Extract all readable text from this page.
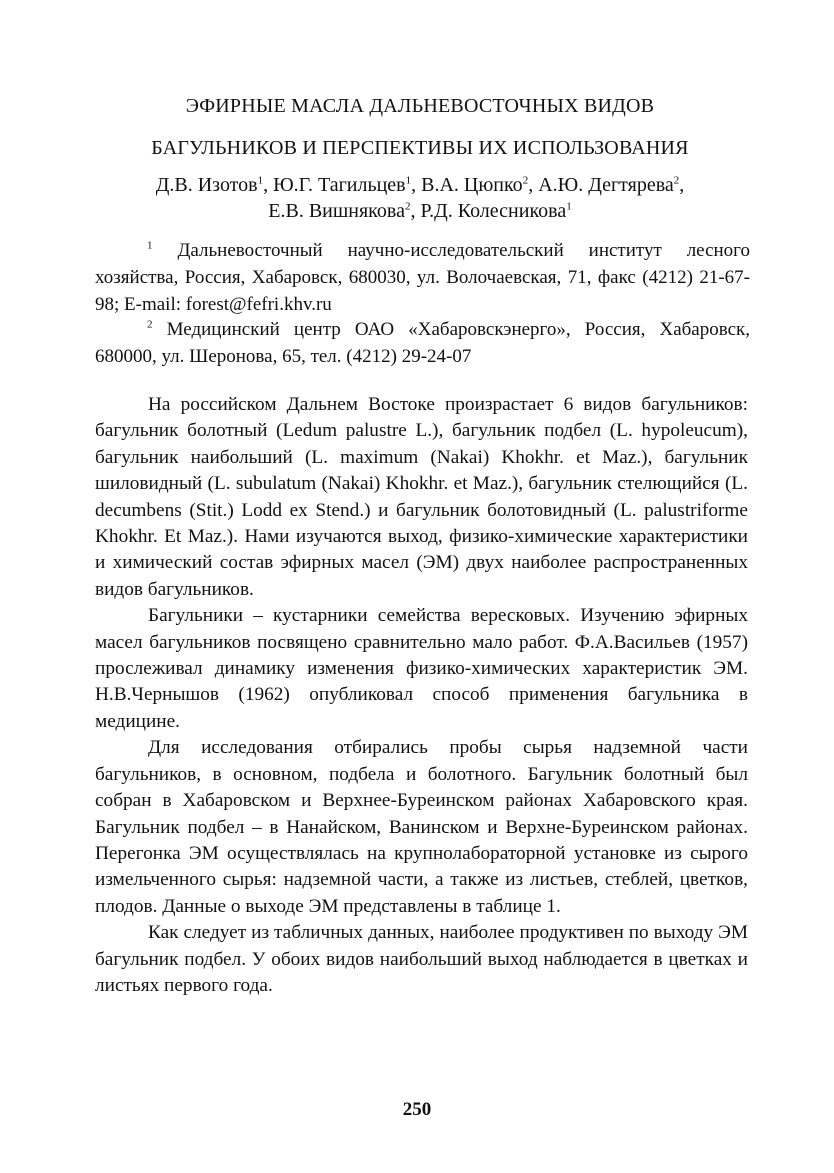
ЭФИРНЫЕ МАСЛА ДАЛЬНЕВОСТОЧНЫХ ВИДОВ
БАГУЛЬНИКОВ И ПЕРСПЕКТИВЫ ИХ ИСПОЛЬЗОВАНИЯ
Д.В. Изотов$^1$, Ю.Г. Тагильцев$^1$, В.А. Цюпко$^2$, А.Ю. Дегтярева$^2$,
Е.В. Вишнякова$^2$, Р.Д. Колесникова$^1$
$^1$ Дальневосточный научно-исследовательский институт лесного хозяйства, Россия, Хабаровск, 680030, ул. Волочаевская, 71, факс (4212) 21-67-98; E-mail: forest@fefri.khv.ru
$^2$ Медицинский центр ОАО «Хабаровскэнерго», Россия, Хабаровск, 680000, ул. Шеронова, 65, тел. (4212) 29-24-07

На российском Дальнем Востоке произрастает 6 видов багульников: багульник болотный (Ledum palustre L.), багульник подбел (L. hypoleucum), багульник наибольший (L. maximum (Nakai) Khokhr. et Maz.), багульник шиловидный (L. subulatum (Nakai) Khokhr. et Maz.), багульник стелющийся (L. decumbens (Stit.) Lodd ex Stend.) и багульник болотовидный (L. palustriforme Khokhr. Et Maz.). Нами изучаются выход, физико-химические характеристики и химический состав эфирных масел (ЭМ) двух наиболее распространенных видов багульников.

Багульники – кустарники семейства вересковых. Изучению эфирных масел багульников посвящено сравнительно мало работ. Ф.А.Васильев (1957) прослеживал динамику изменения физико-химических характеристик ЭМ. Н.В.Чернышов (1962) опубликовал способ применения багульника в медицине.

Для исследования отбирались пробы сырья надземной части багульников, в основном, подбела и болотного. Багульник болотный был собран в Хабаровском и Верхнее-Буреинском районах Хабаровского края. Багульник подбел – в Нанайском, Ванинском и Верхне-Буреинском районах. Перегонка ЭМ осуществлялась на крупнолабораторной установке из сырого измельченного сырья: надземной части, а также из листьев, стеблей, цветков, плодов. Данные о выходе ЭМ представлены в таблице 1.

Как следует из табличных данных, наиболее продуктивен по выходу ЭМ багульник подбел. У обоих видов наибольший выход наблюдается в цветках и листьях первого года.

250
